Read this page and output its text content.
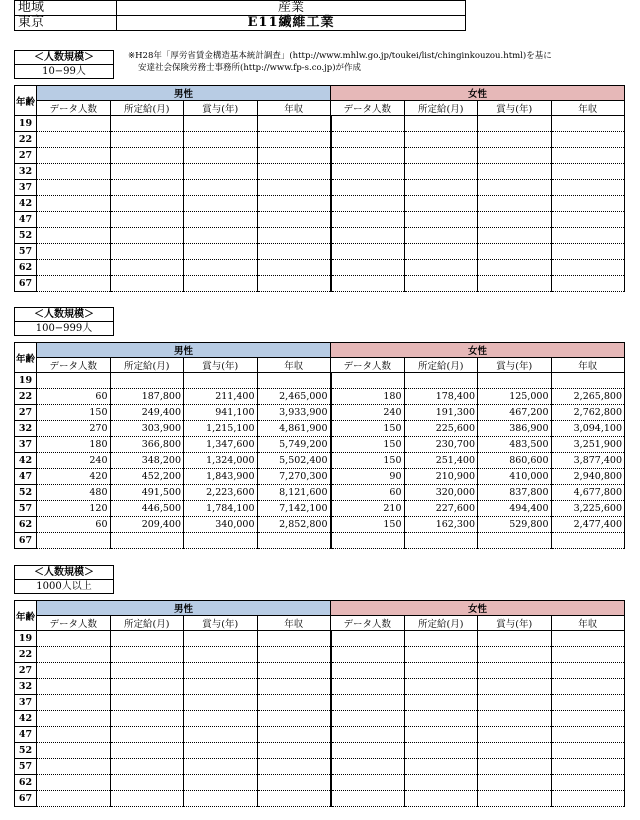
地域	産業
東京	E11繊維工業
※H28年「厚労省賃金構造基本統計調査」(http://www.mhlw.go.jp/toukei/list/chinginkouzou.html)を基に
安達社会保険労務士事務所(http://www.fp-s.co.jp)が作成
＜人数規模＞
10−99人
年齢	男性				女性			
	データ人数	所定給(月)	賞与(年)	年収	データ人数	所定給(月)	賞与(年)	年収
19								
22								
27								
32								
37								
42								
47								
52								
57								
62								
67								
＜人数規模＞
100−999人
年齢	男性				女性			
	データ人数	所定給(月)	賞与(年)	年収	データ人数	所定給(月)	賞与(年)	年収
19								
22	60	187,800	211,400	2,465,000	180	178,400	125,000	2,265,800
27	150	249,400	941,100	3,933,900	240	191,300	467,200	2,762,800
32	270	303,900	1,215,100	4,861,900	150	225,600	386,900	3,094,100
37	180	366,800	1,347,600	5,749,200	150	230,700	483,500	3,251,900
42	240	348,200	1,324,000	5,502,400	150	251,400	860,600	3,877,400
47	420	452,200	1,843,900	7,270,300	90	210,900	410,000	2,940,800
52	480	491,500	2,223,600	8,121,600	60	320,000	837,800	4,677,800
57	120	446,500	1,784,100	7,142,100	210	227,600	494,400	3,225,600
62	60	209,400	340,000	2,852,800	150	162,300	529,800	2,477,400
67								
＜人数規模＞
1000人以上
年齢	男性				女性			
	データ人数	所定給(月)	賞与(年)	年収	データ人数	所定給(月)	賞与(年)	年収
19								
22								
27								
32								
37								
42								
47								
52								
57								
62								
67								
